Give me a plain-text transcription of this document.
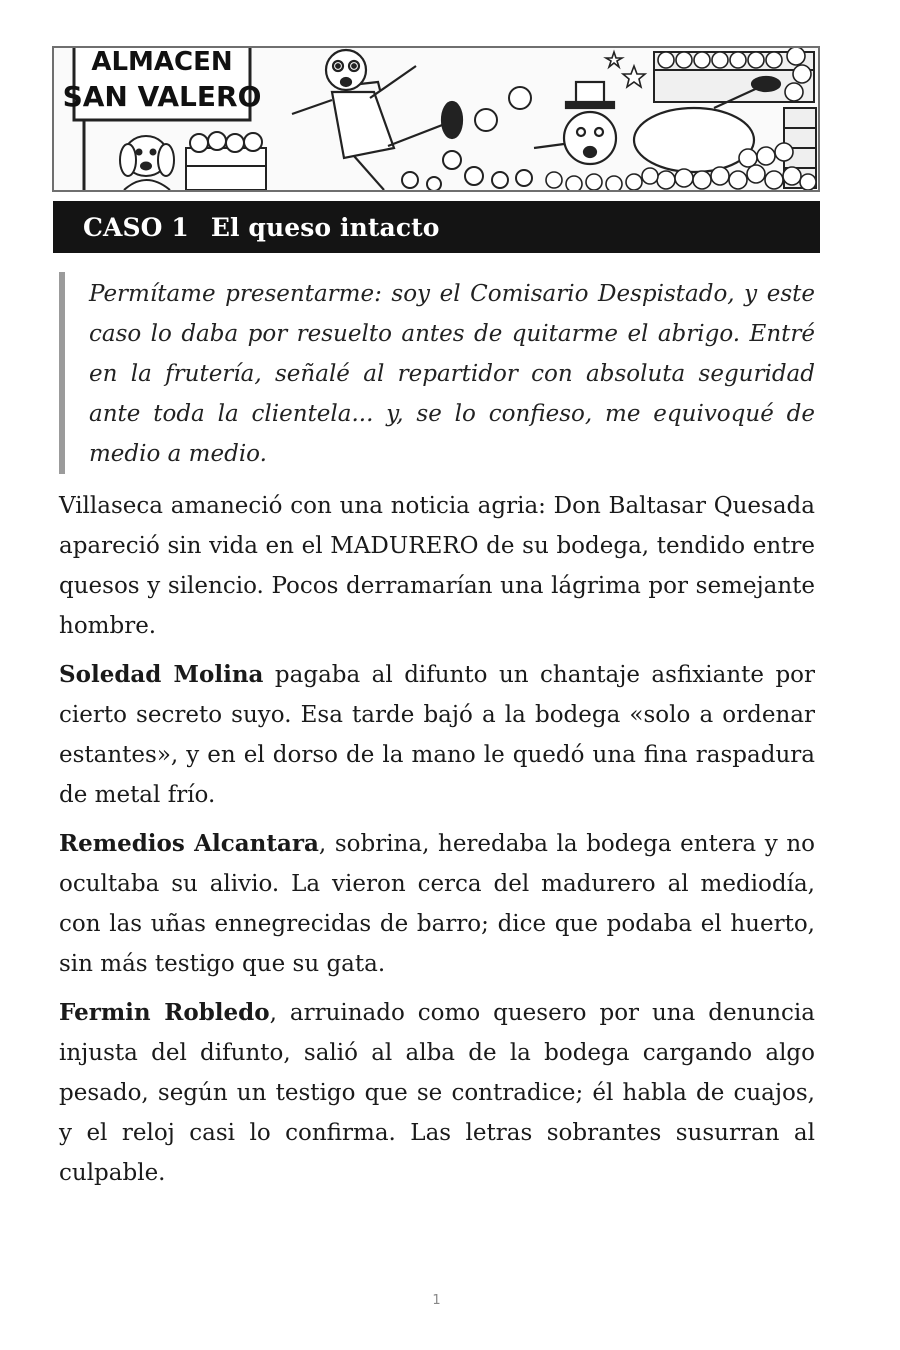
ALMACEN
SAN VALERO
CASO 1 El queso intacto
Permítame presentarme: soy el Comisario Despistado, y este caso lo daba por resuelto antes de quitarme el abrigo. Entré en la frutería, señalé al repartidor con absoluta seguridad ante toda la clientela... y, se lo confieso, me equivoqué de medio a medio.

Villaseca amaneció con una noticia agria: Don Baltasar Quesada apareció sin vida en el MADURERO de su bodega, tendido entre quesos y silencio. Pocos derramarían una lágrima por semejante hombre.

Soledad Molina pagaba al difunto un chantaje asfixiante por cierto secreto suyo. Esa tarde bajó a la bodega «solo a ordenar estantes», y en el dorso de la mano le quedó una fina raspadura de metal frío.

Remedios Alcantara, sobrina, heredaba la bodega entera y no ocultaba su alivio. La vieron cerca del madurero al mediodía, con las uñas ennegrecidas de barro; dice que podaba el huerto, sin más testigo que su gata.

Fermin Robledo, arruinado como quesero por una denuncia injusta del difunto, salió al alba de la bodega cargando algo pesado, según un testigo que se contradice; él habla de cuajos, y el reloj casi lo confirma. Las letras sobrantes susurran al culpable.

1
